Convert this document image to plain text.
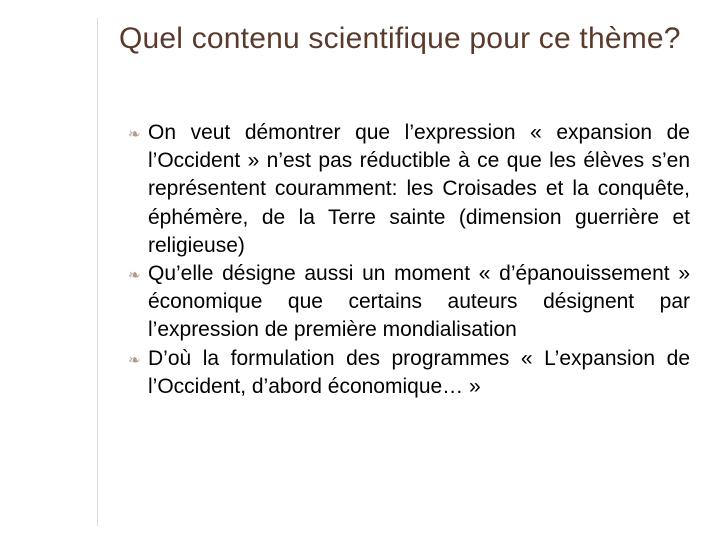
Quel contenu scientifique pour ce thème?
❧ On veut démontrer que l’expression « expansion de l’Occident » n’est pas réductible à ce que les élèves s’en représentent couramment: les Croisades et la conquête, éphémère, de la Terre sainte (dimension guerrière et religieuse)
❧ Qu’elle désigne aussi un moment « d’épanouissement » économique que certains auteurs désignent par l’expression de première mondialisation
❧ D’où la formulation des programmes « L’expansion de l’Occident, d’abord économique… »
